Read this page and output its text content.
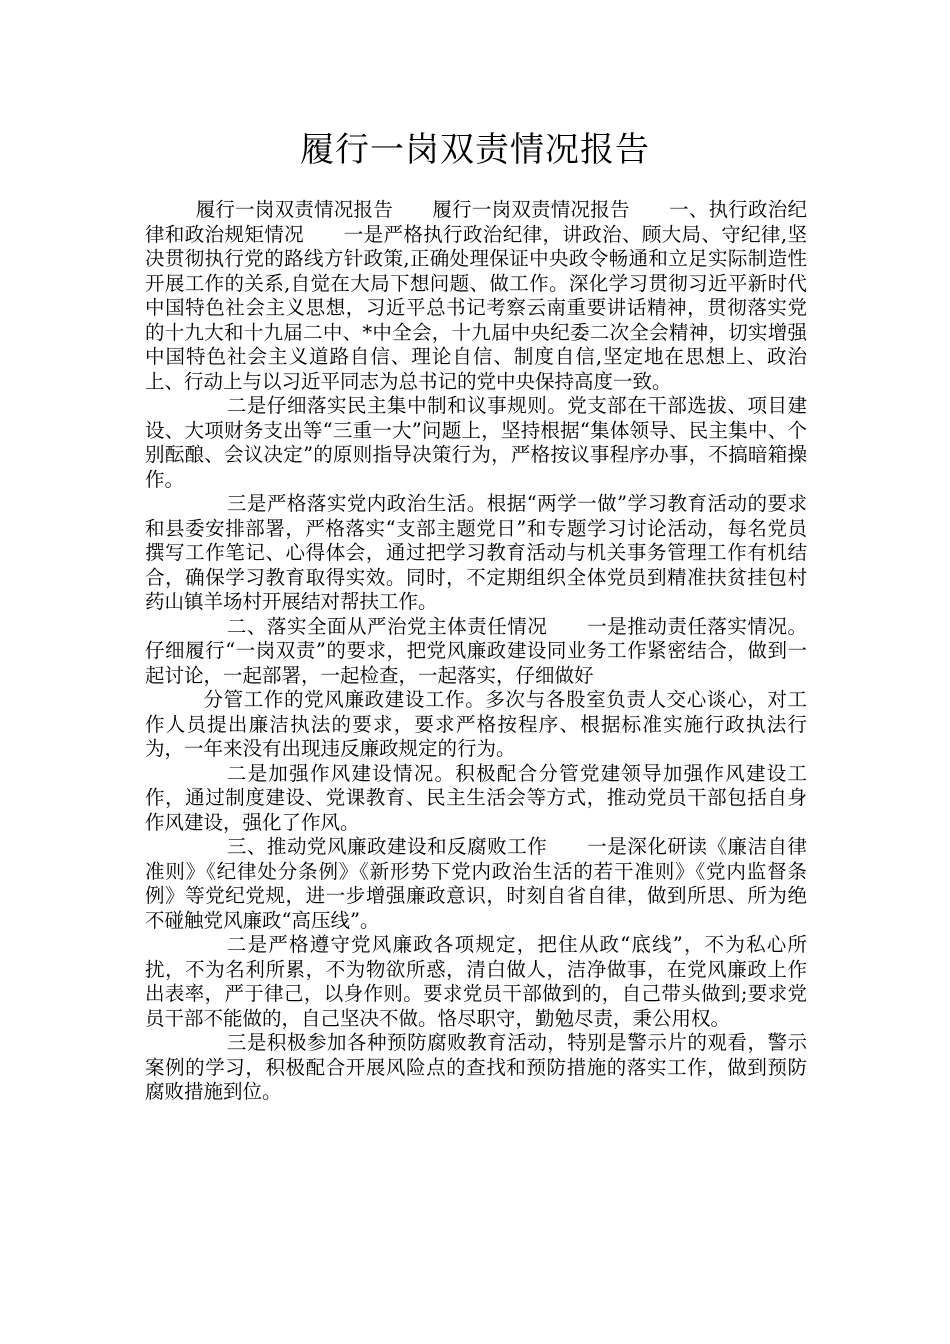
履行一岗双责情况报告

履行一岗双责情况报告　　履行一岗双责情况报告　　一、执行政治纪律和政治规矩情况　　一是严格执行政治纪律，讲政治、顾大局、守纪律,坚决贯彻执行党的路线方针政策,正确处理保证中央政令畅通和立足实际制造性开展工作的关系,自觉在大局下想问题、做工作。深化学习贯彻习近平新时代中国特色社会主义思想，习近平总书记考察云南重要讲话精神，贯彻落实党的十九大和十九届二中、*中全会，十九届中央纪委二次全会精神，切实增强中国特色社会主义道路自信、理论自信、制度自信,坚定地在思想上、政治上、行动上与以习近平同志为总书记的党中央保持高度一致。

二是仔细落实民主集中制和议事规则。党支部在干部选拔、项目建设、大项财务支出等“三重一大”问题上，坚持根据“集体领导、民主集中、个别酝酿、会议决定”的原则指导决策行为，严格按议事程序办事，不搞暗箱操作。

三是严格落实党内政治生活。根据“两学一做”学习教育活动的要求和县委安排部署，严格落实“支部主题党日”和专题学习讨论活动，每名党员撰写工作笔记、心得体会，通过把学习教育活动与机关事务管理工作有机结合，确保学习教育取得实效。同时，不定期组织全体党员到精准扶贫挂包村药山镇羊场村开展结对帮扶工作。

二、落实全面从严治党主体责任情况　　一是推动责任落实情况。仔细履行“一岗双责”的要求，把党风廉政建设同业务工作紧密结合，做到一起讨论，一起部署，一起检查，一起落实，仔细做好

分管工作的党风廉政建设工作。多次与各股室负责人交心谈心，对工作人员提出廉洁执法的要求，要求严格按程序、根据标准实施行政执法行为，一年来没有出现违反廉政规定的行为。

二是加强作风建设情况。积极配合分管党建领导加强作风建设工作，通过制度建设、党课教育、民主生活会等方式，推动党员干部包括自身作风建设，强化了作风。

三、推动党风廉政建设和反腐败工作　　一是深化研读《廉洁自律准则》《纪律处分条例》《新形势下党内政治生活的若干准则》《党内监督条例》等党纪党规，进一步增强廉政意识，时刻自省自律，做到所思、所为绝不碰触党风廉政“高压线”。

二是严格遵守党风廉政各项规定，把住从政“底线”，不为私心所扰，不为名利所累，不为物欲所惑，清白做人，洁净做事，在党风廉政上作出表率，严于律己，以身作则。要求党员干部做到的，自己带头做到;要求党员干部不能做的，自己坚决不做。恪尽职守，勤勉尽责，秉公用权。

三是积极参加各种预防腐败教育活动，特别是警示片的观看，警示案例的学习，积极配合开展风险点的查找和预防措施的落实工作，做到预防腐败措施到位。
